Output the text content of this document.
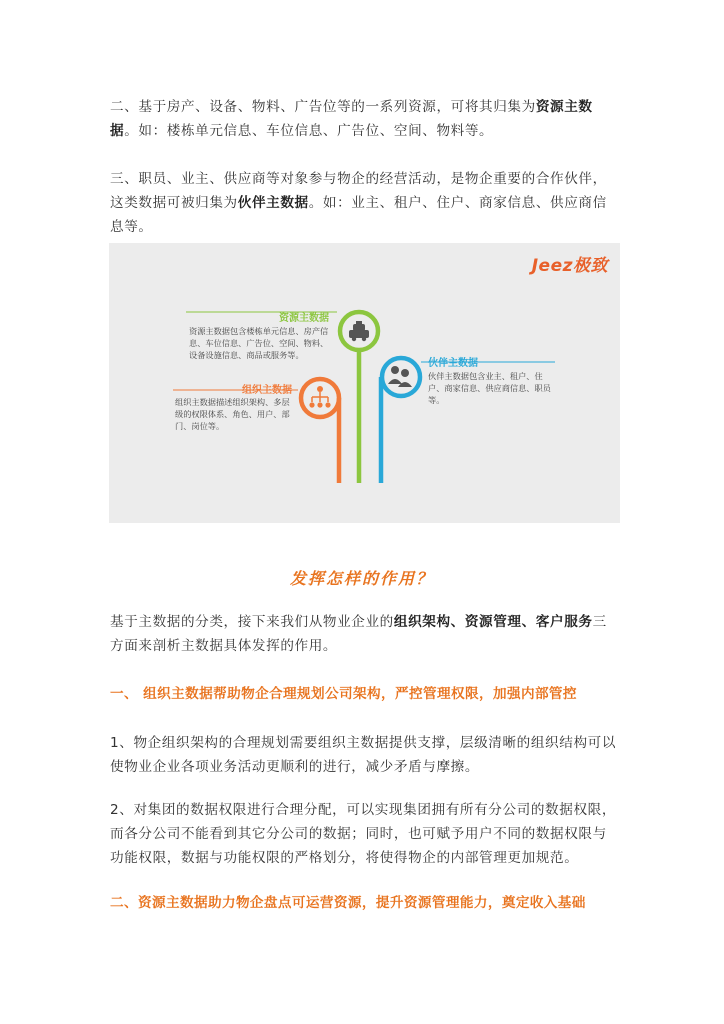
二、基于房产、设备、物料、广告位等的一系列资源，可将其归集为资源主数据。如：楼栋单元信息、车位信息、广告位、空间、物料等。

三、职员、业主、供应商等对象参与物企的经营活动，是物企重要的合作伙伴，这类数据可被归集为伙伴主数据。如：业主、租户、住户、商家信息、供应商信息等。

Jeez极致
资源主数据
资源主数据包含楼栋单元信息、房产信息、车位信息、广告位、空间、物料、设备设施信息、商品或服务等。
伙伴主数据
伙伴主数据包含业主、租户、住户、商家信息、供应商信息、职员等。
组织主数据
组织主数据描述组织架构、多层级的权限体系、角色、用户、部门、岗位等。
发挥怎样的作用？

基于主数据的分类，接下来我们从物业企业的组织架构、资源管理、客户服务三方面来剖析主数据具体发挥的作用。

一、 组织主数据帮助物企合理规划公司架构，严控管理权限，加强内部管控

1、物企组织架构的合理规划需要组织主数据提供支撑，层级清晰的组织结构可以使物业企业各项业务活动更顺利的进行，减少矛盾与摩擦。

2、对集团的数据权限进行合理分配，可以实现集团拥有所有分公司的数据权限，而各分公司不能看到其它分公司的数据；同时，也可赋予用户不同的数据权限与功能权限，数据与功能权限的严格划分，将使得物企的内部管理更加规范。

二、资源主数据助力物企盘点可运营资源，提升资源管理能力，奠定收入基础
